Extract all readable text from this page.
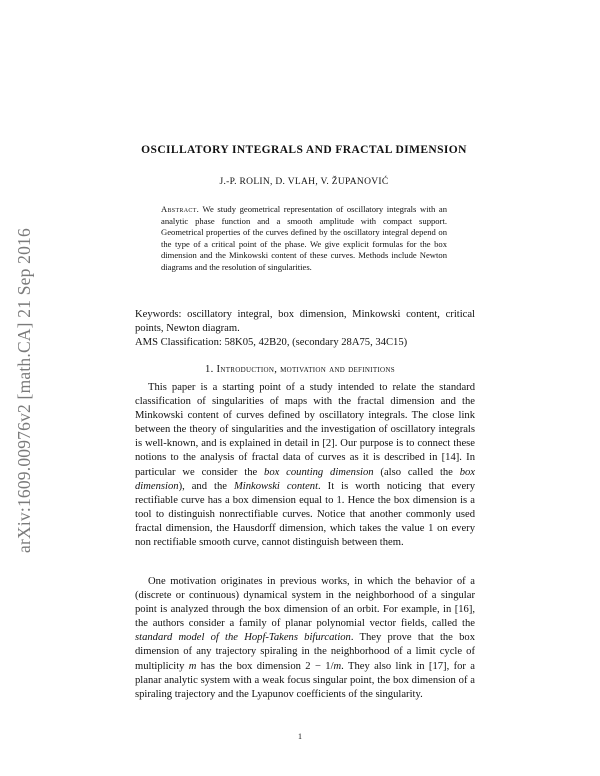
arXiv:1609.00976v2 [math.CA] 21 Sep 2016
OSCILLATORY INTEGRALS AND FRACTAL DIMENSION
J.-P. ROLIN, D. VLAH, V. ŽUPANOVIĆ
Abstract. We study geometrical representation of oscillatory integrals with an analytic phase function and a smooth amplitude with compact support. Geometrical properties of the curves defined by the oscillatory integral depend on the type of a critical point of the phase. We give explicit formulas for the box dimension and the Minkowski content of these curves. Methods include Newton diagrams and the resolution of singularities.

Keywords: oscillatory integral, box dimension, Minkowski content, critical points, Newton diagram.

AMS Classification: 58K05, 42B20, (secondary 28A75, 34C15)

1. Introduction, motivation and definitions

This paper is a starting point of a study intended to relate the standard classification of singularities of maps with the fractal dimension and the Minkowski content of curves defined by oscillatory integrals. The close link between the theory of singularities and the investigation of oscillatory integrals is well-known, and is explained in detail in [2]. Our purpose is to connect these notions to the analysis of fractal data of curves as it is described in [14]. In particular we consider the box counting dimension (also called the box dimension), and the Minkowski content. It is worth noticing that every rectifiable curve has a box dimension equal to 1. Hence the box dimension is a tool to distinguish nonrectifiable curves. Notice that another commonly used fractal dimension, the Hausdorff dimension, which takes the value 1 on every non rectifiable smooth curve, cannot distinguish between them.

One motivation originates in previous works, in which the behavior of a (discrete or continuous) dynamical system in the neighborhood of a singular point is analyzed through the box dimension of an orbit. For example, in [16], the authors consider a family of planar polynomial vector fields, called the standard model of the Hopf-Takens bifurcation. They prove that the box dimension of any trajectory spiraling in the neighborhood of a limit cycle of multiplicity m has the box dimension 2 − 1/m. They also link in [17], for a planar analytic system with a weak focus singular point, the box dimension of a spiraling trajectory and the Lyapunov coefficients of the singularity.

1
